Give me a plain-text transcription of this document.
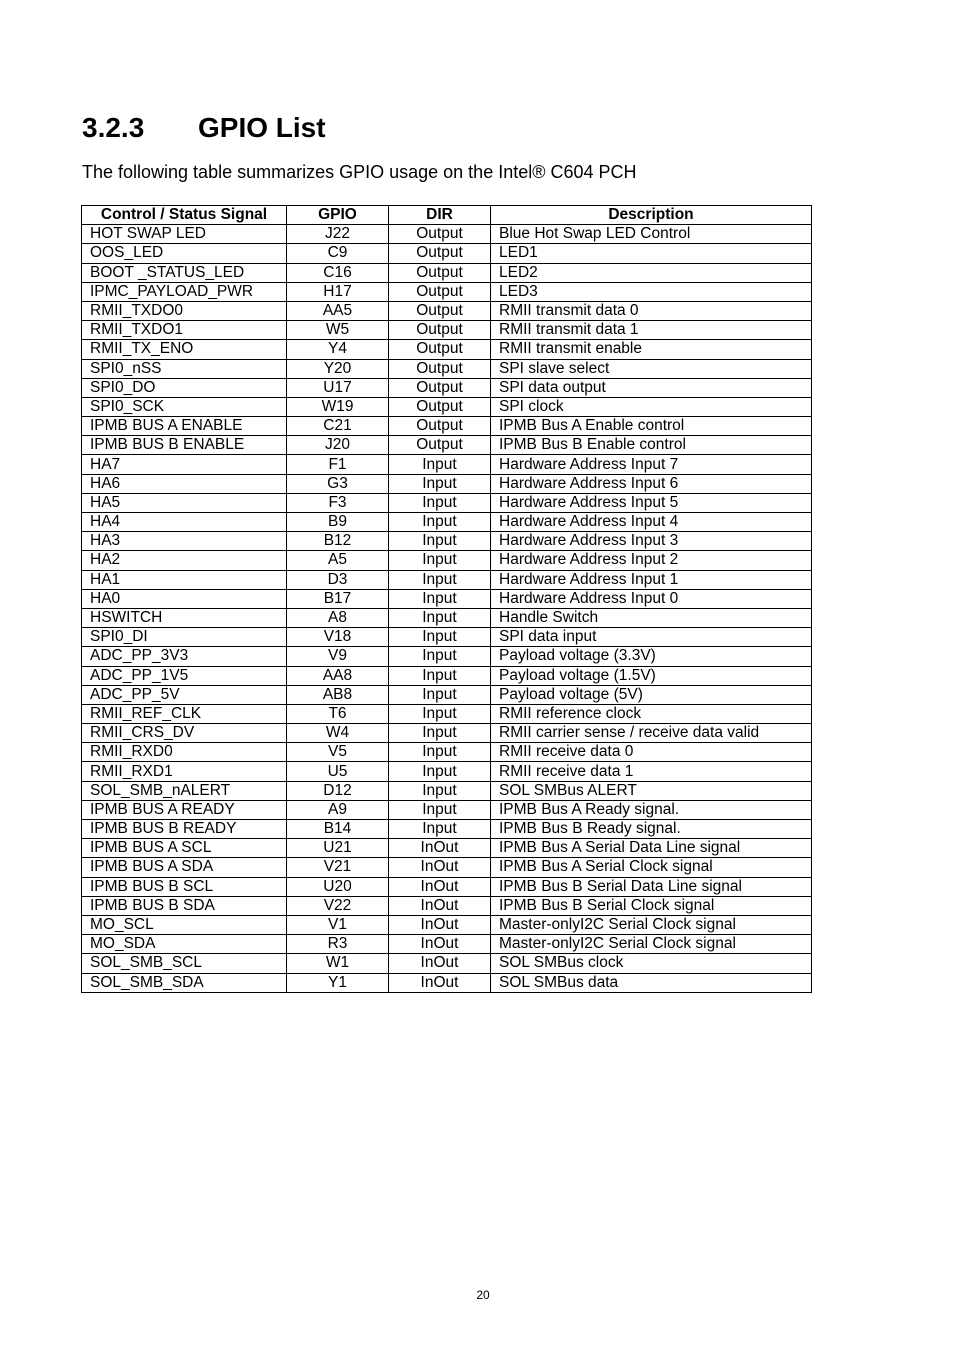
3.2.3 GPIO List

The following table summarizes GPIO usage on the Intel® C604 PCH

Control / Status Signal	GPIO	DIR	Description
HOT SWAP LED	J22	Output	Blue Hot Swap LED Control
OOS_LED	C9	Output	LED1
BOOT _STATUS_LED	C16	Output	LED2
IPMC_PAYLOAD_PWR	H17	Output	LED3
RMII_TXDO0	AA5	Output	RMII transmit data 0
RMII_TXDO1	W5	Output	RMII transmit data 1
RMII_TX_ENO	Y4	Output	RMII transmit enable
SPI0_nSS	Y20	Output	SPI slave select
SPI0_DO	U17	Output	SPI data output
SPI0_SCK	W19	Output	SPI clock
IPMB BUS A ENABLE	C21	Output	IPMB Bus A Enable control
IPMB BUS B ENABLE	J20	Output	IPMB Bus B Enable control
HA7	F1	Input	Hardware Address Input 7
HA6	G3	Input	Hardware Address Input 6
HA5	F3	Input	Hardware Address Input 5
HA4	B9	Input	Hardware Address Input 4
HA3	B12	Input	Hardware Address Input 3
HA2	A5	Input	Hardware Address Input 2
HA1	D3	Input	Hardware Address Input 1
HA0	B17	Input	Hardware Address Input 0
HSWITCH	A8	Input	Handle Switch
SPI0_DI	V18	Input	SPI data input
ADC_PP_3V3	V9	Input	Payload voltage (3.3V)
ADC_PP_1V5	AA8	Input	Payload voltage (1.5V)
ADC_PP_5V	AB8	Input	Payload voltage (5V)
RMII_REF_CLK	T6	Input	RMII reference clock
RMII_CRS_DV	W4	Input	RMII carrier sense / receive data valid
RMII_RXD0	V5	Input	RMII receive data 0
RMII_RXD1	U5	Input	RMII receive data 1
SOL_SMB_nALERT	D12	Input	SOL SMBus ALERT
IPMB BUS A READY	A9	Input	IPMB Bus A Ready signal.
IPMB BUS B READY	B14	Input	IPMB Bus B Ready signal.
IPMB BUS A SCL	U21	InOut	IPMB Bus A Serial Data Line signal
IPMB BUS A SDA	V21	InOut	IPMB Bus A Serial Clock signal
IPMB BUS B SCL	U20	InOut	IPMB Bus B Serial Data Line signal
IPMB BUS B SDA	V22	InOut	IPMB Bus B Serial Clock signal
MO_SCL	V1	InOut	Master-onlyI2C Serial Clock signal
MO_SDA	R3	InOut	Master-onlyI2C Serial Clock signal
SOL_SMB_SCL	W1	InOut	SOL SMBus clock
SOL_SMB_SDA	Y1	InOut	SOL SMBus data
20
